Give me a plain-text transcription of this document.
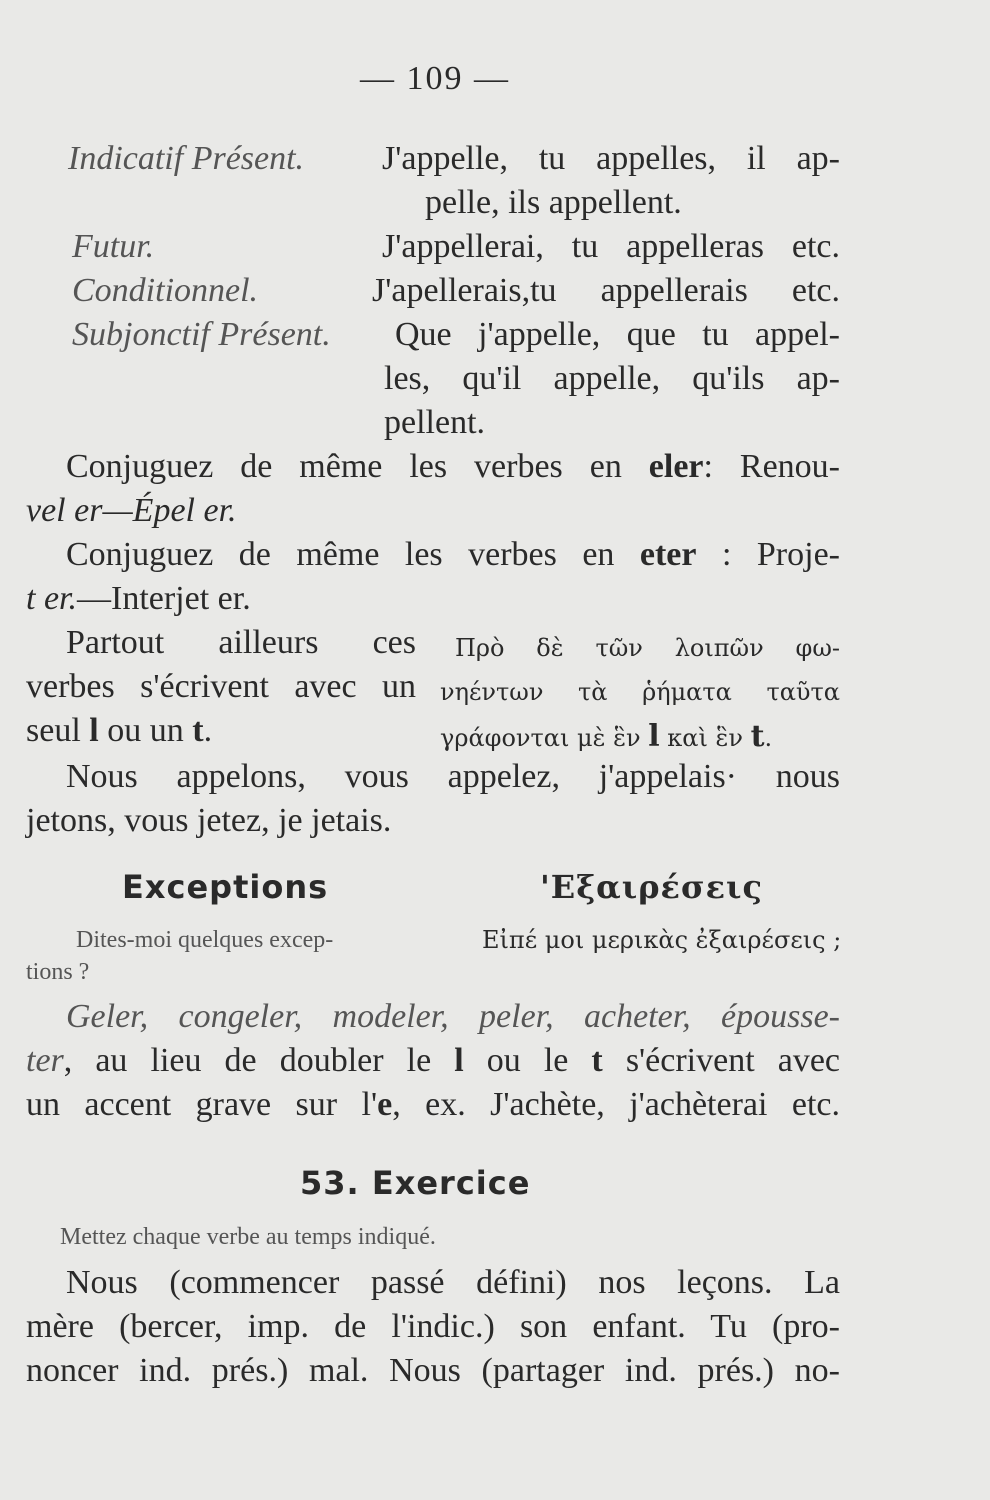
— 109 —
Indicatif Présent. J'appelle, tu appelles, il ap-
pelle, ils appellent.
Futur.	J'appellerai, tu appelleras etc.
Conditionnel.	J'apellerais,tu appellerais etc.
Subjonctif Présent. Que j'appelle, que tu appel-
les, qu'il appelle, qu'ils ap-
pellent.
Conjuguez de même les verbes en eler: Renou-
vel er—Épel er.
Conjuguez de même les verbes en eter : Proje-
t er.—Interjet er.
Partout ailleurs ces
verbes s'écrivent avec un
seul l ou un t.
Πρὸ δὲ τῶν λοιπῶν φω-
νηέντων τὰ ῥήματα ταῦτα
γράφονται μὲ ἓν l καὶ ἓν t.
Nous appelons, vous appelez, j'appelais· nous
jetons, vous jetez, je jetais.
Exceptions	'Εξαιρέσεις
Dites-moi quelques excep-
tions ?
Εἰπέ μοι μερικὰς ἐξαιρέσεις ;
Geler, congeler, modeler, peler, acheter, épousse-
ter, au lieu de doubler le l ou le t s'écrivent avec
un accent grave sur l'e, ex. J'achète, j'achèterai etc.
53. Exercice
Mettez chaque verbe au temps indiqué.
Nous (commencer passé défini) nos leçons. La
mère (bercer, imp. de l'indic.) son enfant. Tu (pro-
noncer ind. prés.) mal. Nous (partager ind. prés.) no-
